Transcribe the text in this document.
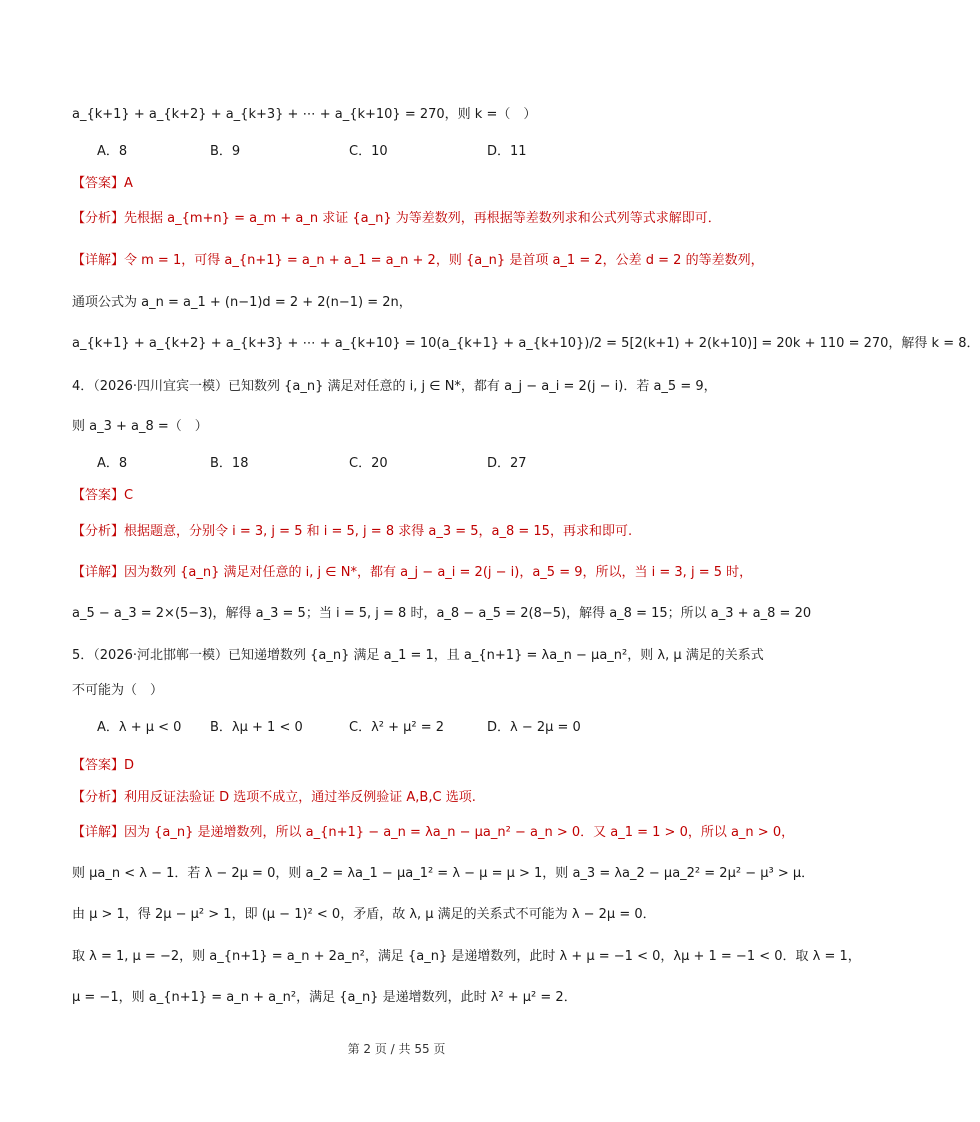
a_{k+1} + a_{k+2} + a_{k+3} + ⋯ + a_{k+10} = 270，则 k =（　）
A．8	B．9	C．10	D．11
【答案】A
【分析】先根据 a_{m+n} = a_m + a_n 求证 {a_n} 为等差数列，再根据等差数列求和公式列等式求解即可．
【详解】令 m = 1，可得 a_{n+1} = a_n + a_1 = a_n + 2，则 {a_n} 是首项 a_1 = 2，公差 d = 2 的等差数列，
通项公式为 a_n = a_1 + (n−1)d = 2 + 2(n−1) = 2n，
a_{k+1} + a_{k+2} + a_{k+3} + ⋯ + a_{k+10} = 10(a_{k+1} + a_{k+10})/2 = 5[2(k+1) + 2(k+10)] = 20k + 110 = 270，解得 k = 8．
4．（2026·四川宜宾一模）已知数列 {a_n} 满足对任意的 i, j ∈ N*，都有 a_j − a_i = 2(j − i)．若 a_5 = 9，
则 a_3 + a_8 =（　）
A．8	B．18	C．20	D．27
【答案】C
【分析】根据题意，分别令 i = 3, j = 5 和 i = 5, j = 8 求得 a_3 = 5，a_8 = 15，再求和即可.
【详解】因为数列 {a_n} 满足对任意的 i, j ∈ N*，都有 a_j − a_i = 2(j − i)，a_5 = 9，所以，当 i = 3, j = 5 时，
a_5 − a_3 = 2×(5−3)，解得 a_3 = 5；当 i = 5, j = 8 时，a_8 − a_5 = 2(8−5)，解得 a_8 = 15；所以 a_3 + a_8 = 20
5．（2026·河北邯郸一模）已知递增数列 {a_n} 满足 a_1 = 1，且 a_{n+1} = λa_n − μa_n²，则 λ, μ 满足的关系式
不可能为（　）
A．λ + μ < 0 B．λμ + 1 < 0	C．λ² + μ² = 2	D．λ − 2μ = 0
【答案】D
【分析】利用反证法验证 D 选项不成立，通过举反例验证 A,B,C 选项.
【详解】因为 {a_n} 是递增数列，所以 a_{n+1} − a_n = λa_n − μa_n² − a_n > 0．又 a_1 = 1 > 0，所以 a_n > 0，
则 μa_n < λ − 1．若 λ − 2μ = 0，则 a_2 = λa_1 − μa_1² = λ − μ = μ > 1，则 a_3 = λa_2 − μa_2² = 2μ² − μ³ > μ．
由 μ > 1，得 2μ − μ² > 1，即 (μ − 1)² < 0，矛盾，故 λ, μ 满足的关系式不可能为 λ − 2μ = 0．
取 λ = 1, μ = −2，则 a_{n+1} = a_n + 2a_n²，满足 {a_n} 是递增数列，此时 λ + μ = −1 < 0，λμ + 1 = −1 < 0．取 λ = 1，
μ = −1，则 a_{n+1} = a_n + a_n²，满足 {a_n} 是递增数列，此时 λ² + μ² = 2．
第 2 页 / 共 55 页
